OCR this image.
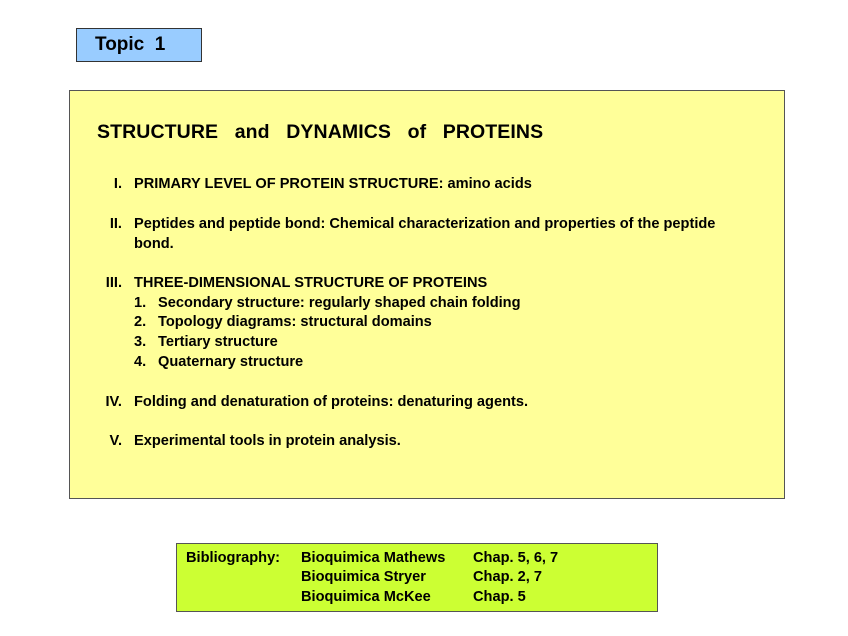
Topic  1
STRUCTURE   and   DYNAMICS   of   PROTEINS
I. PRIMARY LEVEL OF PROTEIN STRUCTURE: amino acids
II. Peptides and peptide bond: Chemical characterization and properties of the peptide bond.
III. THREE-DIMENSIONAL STRUCTURE OF PROTEINS
1. Secondary structure: regularly shaped chain folding
2. Topology diagrams: structural domains
3. Tertiary structure
4. Quaternary structure
IV. Folding and denaturation of proteins: denaturing agents.
V. Experimental tools in protein analysis.
Bibliography: Bioquimica Mathews Chap. 5, 6, 7
Bioquimica Stryer	Chap. 2, 7
Bioquimica McKee	Chap. 5
